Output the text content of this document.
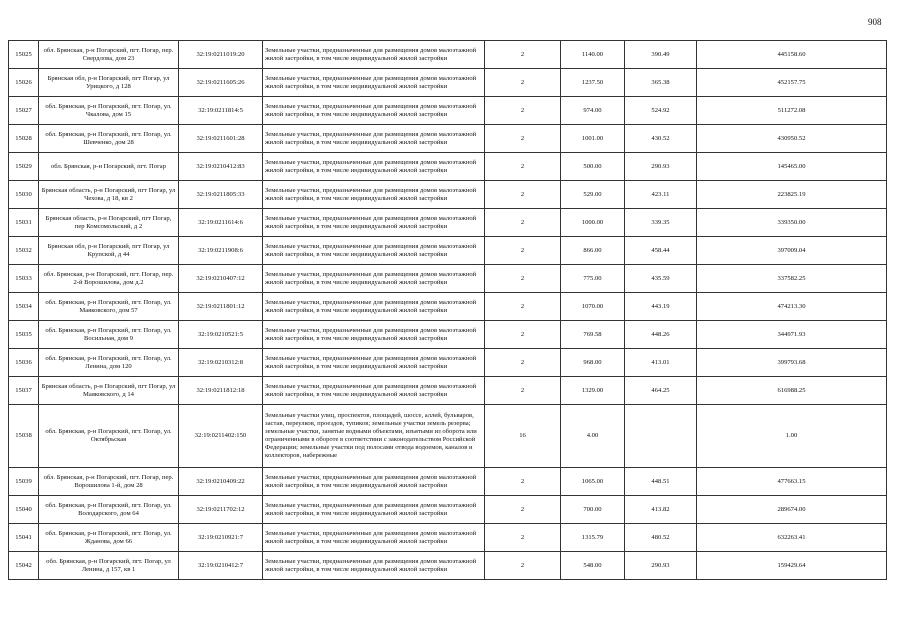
908
15025	обл. Брянская, р-н Погарский, пгт. Погар, пер. Свердлова, дом 23	32:19:0211019:20	Земельные участки, предназначенные для размещения домов малоэтажной жилой застройки, в том числе индивидуальной жилой застройки	2	1140.00	390.49	445158.60
15026	Брянская обл, р-н Погарский, пгт Погар, ул Урицкого, д 128	32:19:0211605:26	Земельные участки, предназначенные для размещения домов малоэтажной жилой застройки, в том числе индивидуальной жилой застройки	2	1237.50	365.38	452157.75
15027	обл. Брянская, р-н Погарский, пгт. Погар, ул. Чкалова, дом 15	32:19:0211814:5	Земельные участки, предназначенные для размещения домов малоэтажной жилой застройки, в том числе индивидуальной жилой застройки	2	974.00	524.92	511272.08
15028	обл. Брянская, р-н Погарский, пгт. Погар, ул. Шевченко, дом 28	32:19:0211601:28	Земельные участки, предназначенные для размещения домов малоэтажной жилой застройки, в том числе индивидуальной жилой застройки	2	1001.00	430.52	430950.52
15029	обл. Брянская, р-н Погарский, пгт. Погар	32:19:0210412:83	Земельные участки, предназначенные для размещения домов малоэтажной жилой застройки, в том числе индивидуальной жилой застройки	2	500.00	290.93	145465.00
15030	Брянская область, р-н Погарский, пгт Погар, ул Чехова, д 18, кв 2	32:19:0211805:33	Земельные участки, предназначенные для размещения домов малоэтажной жилой застройки, в том числе индивидуальной жилой застройки	2	529.00	423.11	223825.19
15031	Брянская область, р-н Погарский, пгт Погар, пер Комсомольский, д 2	32:19:0211614:6	Земельные участки, предназначенные для размещения домов малоэтажной жилой застройки, в том числе индивидуальной жилой застройки	2	1000.00	339.35	339350.00
15032	Брянская обл, р-н Погарский, пгт Погар, ул Крупской, д 44	32:19:0211908:6	Земельные участки, предназначенные для размещения домов малоэтажной жилой застройки, в том числе индивидуальной жилой застройки	2	866.00	458.44	397009.04
15033	обл. Брянская, р-н Погарский, пгт. Погар, пер. 2-й Ворошилова, дом д.2	32:19:0210407:12	Земельные участки, предназначенные для размещения домов малоэтажной жилой застройки, в том числе индивидуальной жилой застройки	2	775.00	435.59	337582.25
15034	обл. Брянская, р-н Погарский, пгт. Погар, ул. Маяковского, дом 57	32:19:0211801:12	Земельные участки, предназначенные для размещения домов малоэтажной жилой застройки, в том числе индивидуальной жилой застройки	2	1070.00	443.19	474213.30
15035	обл. Брянская, р-н Погарский, пгт. Погар, ул. Восильная, дом 9	32:19:0210521:5	Земельные участки, предназначенные для размещения домов малоэтажной жилой застройки, в том числе индивидуальной жилой застройки	2	769.58	448.26	344971.93
15036	обл. Брянская, р-н Погарский, пгт. Погар, ул. Ленина, дом 120	32:19:0210312:8	Земельные участки, предназначенные для размещения домов малоэтажной жилой застройки, в том числе индивидуальной жилой застройки	2	968.00	413.01	399793.68
15037	Брянская область, р-н Погарский, пгт Погар, ул Маяковского, д 14	32:19:0211812:18	Земельные участки, предназначенные для размещения домов малоэтажной жилой застройки, в том числе индивидуальной жилой застройки	2	1329.00	464.25	616988.25
15038	обл. Брянская, р-н Погарский, пгт. Погар, ул. Октябрьская	32:19:0211402:150	Земельные участки улиц, проспектов, площадей, шоссе, аллей, бульваров, застав, переулков, проездов, тупиков; земельные участки земель резерва; земельные участки, занятые водными объектами, изъятыми из оборота или ограниченными в обороте в соответствии с законодательством Российской Федерации; земельные участки под полосами отвода водоемов, каналов и коллекторов, набережные	16	4.00		1.00
15039	обл. Брянская, р-н Погарский, пгт. Погар, пер. Ворошилова 1-й, дом 28	32:19:0210409:22	Земельные участки, предназначенные для размещения домов малоэтажной жилой застройки, в том числе индивидуальной жилой застройки	2	1065.00	448.51	477663.15
15040	обл. Брянская, р-н Погарский, пгт. Погар, ул. Володарского, дом 64	32:19:0211702:12	Земельные участки, предназначенные для размещения домов малоэтажной жилой застройки, в том числе индивидуальной жилой застройки	2	700.00	413.82	289674.00
15041	обл. Брянская, р-н Погарский, пгт. Погар, ул. Жданова, дом 66	32:19:0210921:7	Земельные участки, предназначенные для размещения домов малоэтажной жилой застройки, в том числе индивидуальной жилой застройки	2	1315.79	480.52	632263.41
15042	обл. Брянская, р-н Погарский, пгт. Погар, ул Ленина, д 157, кв 1	32:19:0210412:7	Земельные участки, предназначенные для размещения домов малоэтажной жилой застройки, в том числе индивидуальной жилой застройки	2	548.00	290.93	159429.64
